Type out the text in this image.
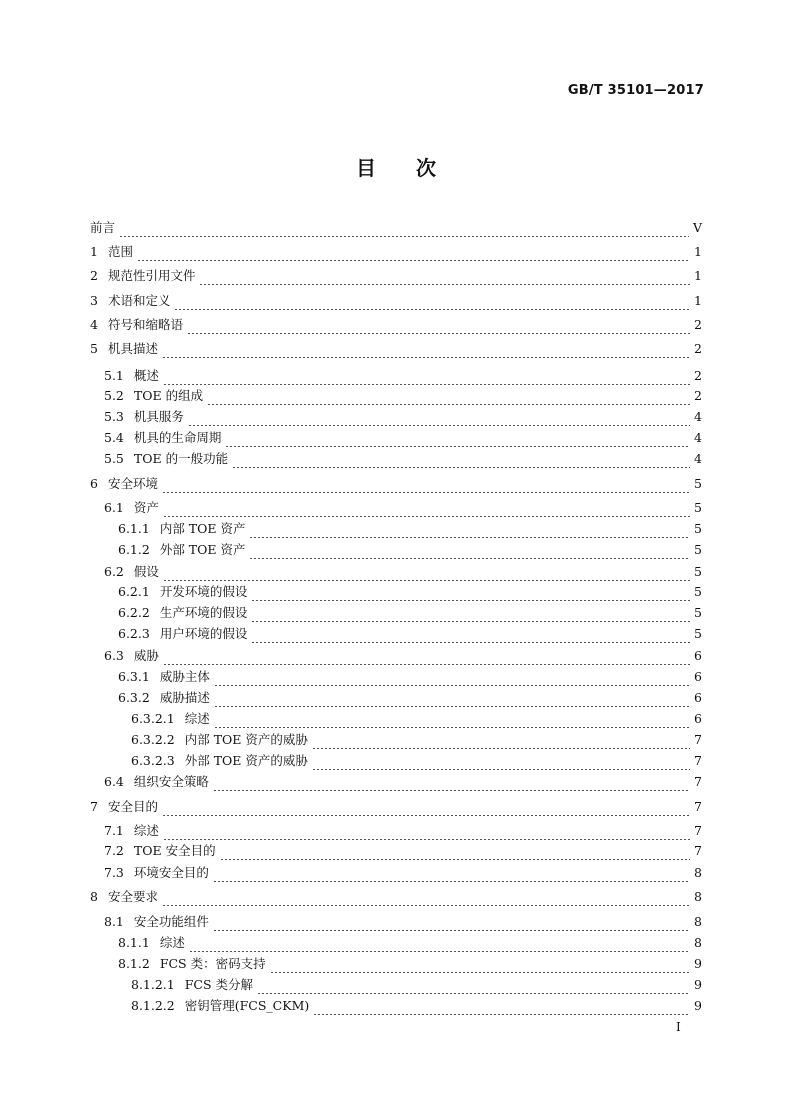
GB/T 35101—2017
目　　次
前言	Ⅴ
1 范围	1
2 规范性引用文件	1
3 术语和定义	1
4 符号和缩略语	2
5 机具描述	2
5.1 概述	2
5.2 TOE 的组成	2
5.3 机具服务	4
5.4 机具的生命周期	4
5.5 TOE 的一般功能	4
6 安全环境	5
6.1 资产	5
6.1.1 内部 TOE 资产	5
6.1.2 外部 TOE 资产	5
6.2 假设	5
6.2.1 开发环境的假设	5
6.2.2 生产环境的假设	5
6.2.3 用户环境的假设	5
6.3 威胁	6
6.3.1 威胁主体	6
6.3.2 威胁描述	6
6.3.2.1 综述	6
6.3.2.2 内部 TOE 资产的威胁	7
6.3.2.3 外部 TOE 资产的威胁	7
6.4 组织安全策略	7
7 安全目的	7
7.1 综述	7
7.2 TOE 安全目的	7
7.3 环境安全目的	8
8 安全要求	8
8.1 安全功能组件	8
8.1.1 综述	8
8.1.2 FCS 类：密码支持	9
8.1.2.1 FCS 类分解	9
8.1.2.2 密钥管理(FCS_CKM)	9
Ⅰ
